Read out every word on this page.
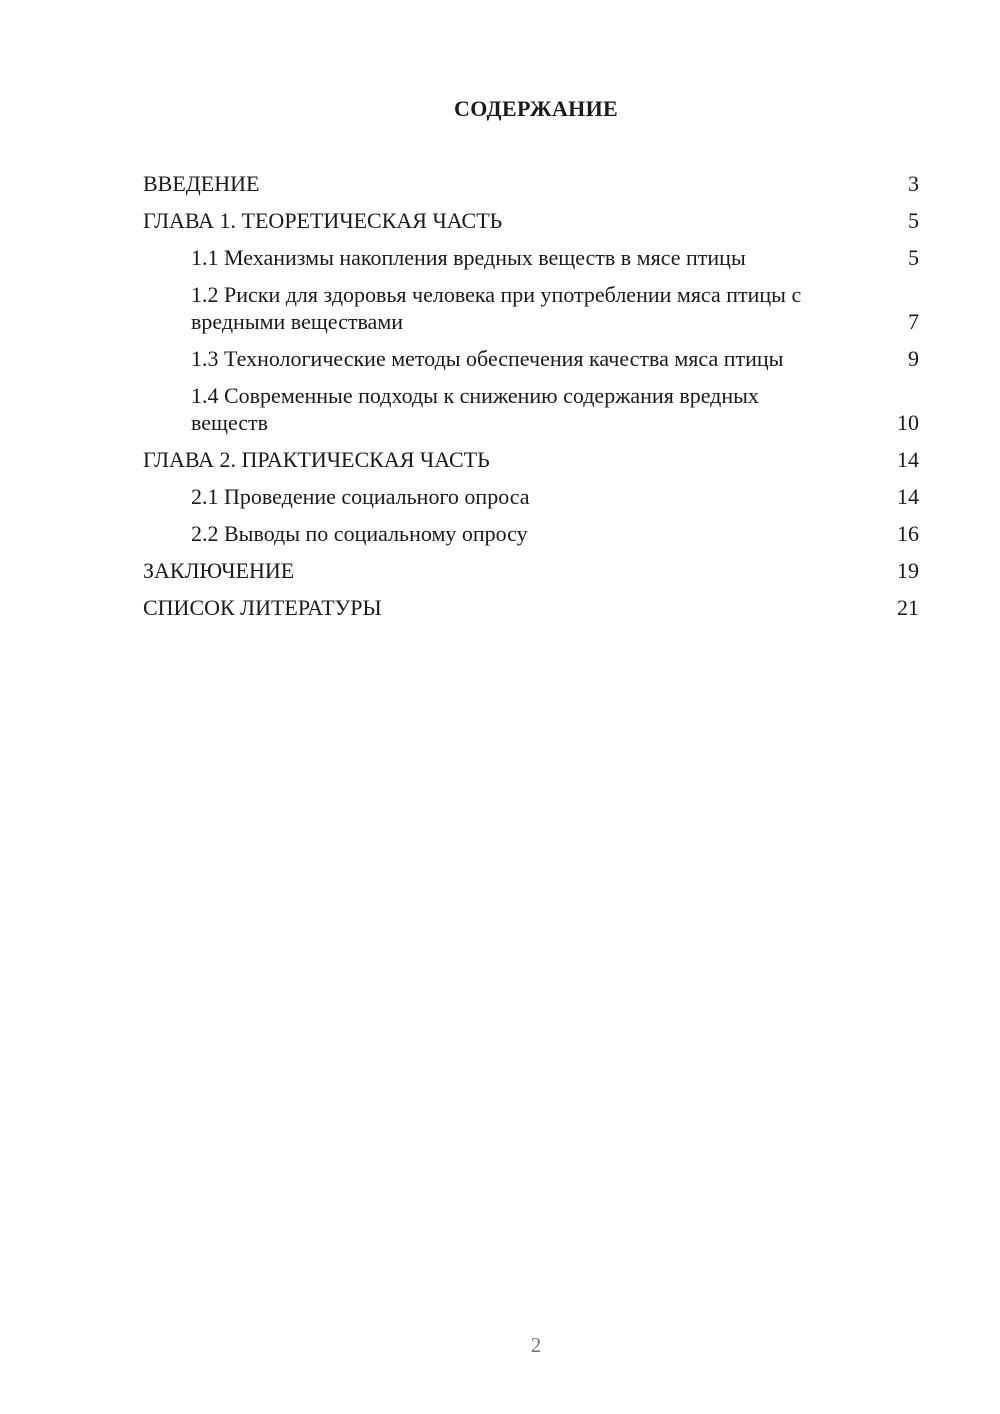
СОДЕРЖАНИЕ
ВВЕДЕНИЕ	3
ГЛАВА 1. ТЕОРЕТИЧЕСКАЯ ЧАСТЬ	5
1.1 Механизмы накопления вредных веществ в мясе птицы	5
1.2 Риски для здоровья человека при употреблении мяса птицы с вредными веществами	7
1.3 Технологические методы обеспечения качества мяса птицы	9
1.4 Современные подходы к снижению содержания вредных веществ	10
ГЛАВА 2. ПРАКТИЧЕСКАЯ ЧАСТЬ	14
2.1 Проведение социального опроса	14
2.2 Выводы по социальному опросу	16
ЗАКЛЮЧЕНИЕ	19
СПИСОК ЛИТЕРАТУРЫ	21
2
